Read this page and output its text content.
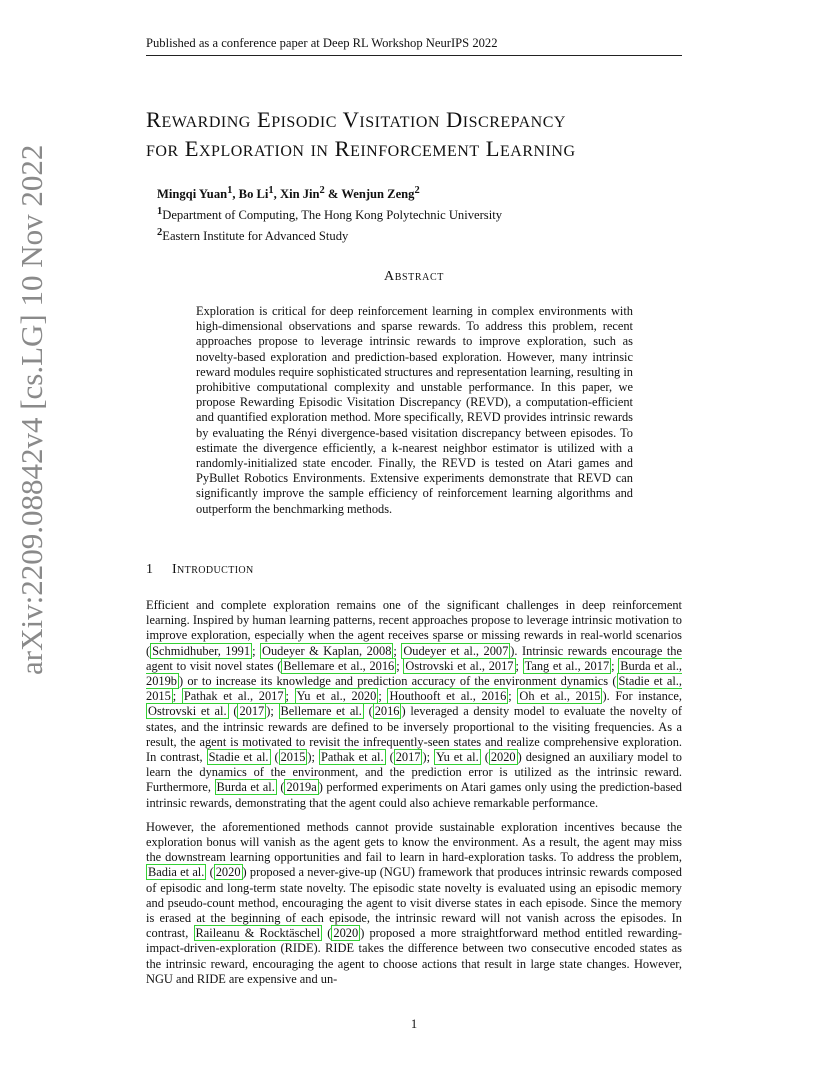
Published as a conference paper at Deep RL Workshop NeurIPS 2022
arXiv:2209.08842v4 [cs.LG] 10 Nov 2022
Rewarding Episodic Visitation Discrepancy
for Exploration in Reinforcement Learning
Mingqi Yuan$^1$, Bo Li$^1$, Xin Jin$^2$ & Wenjun Zeng$^2$
$^1$Department of Computing, The Hong Kong Polytechnic University
$^2$Eastern Institute for Advanced Study
Abstract
Exploration is critical for deep reinforcement learning in complex environments with high-dimensional observations and sparse rewards. To address this problem, recent approaches propose to leverage intrinsic rewards to improve exploration, such as novelty-based exploration and prediction-based exploration. However, many intrinsic reward modules require sophisticated structures and representation learning, resulting in prohibitive computational complexity and unstable performance. In this paper, we propose Rewarding Episodic Visitation Discrepancy (REVD), a computation-efficient and quantified exploration method. More specifically, REVD provides intrinsic rewards by evaluating the Rényi divergence-based visitation discrepancy between episodes. To estimate the divergence efficiently, a k-nearest neighbor estimator is utilized with a randomly-initialized state encoder. Finally, the REVD is tested on Atari games and PyBullet Robotics Environments. Extensive experiments demonstrate that REVD can significantly improve the sample efficiency of reinforcement learning algorithms and outperform the benchmarking methods.
1 Introduction

Efficient and complete exploration remains one of the significant challenges in deep reinforcement learning. Inspired by human learning patterns, recent approaches propose to leverage intrinsic motivation to improve exploration, especially when the agent receives sparse or missing rewards in real-world scenarios ( Schmidhuber, 1991 ; Oudeyer & Kaplan, 2008 ; Oudeyer et al., 2007 ). Intrinsic rewards encourage the agent to visit novel states ( Bellemare et al., 2016 ; Ostrovski et al., 2017 ; Tang et al., 2017 ; Burda et al., 2019b ) or to increase its knowledge and prediction accuracy of the environment dynamics ( Stadie et al., 2015 ; Pathak et al., 2017 ; Yu et al., 2020 ; Houthooft et al., 2016 ; Oh et al., 2015 ). For instance, Ostrovski et al. ( 2017 ); Bellemare et al. ( 2016 ) leveraged a density model to evaluate the novelty of states, and the intrinsic rewards are defined to be inversely proportional to the visiting frequencies. As a result, the agent is motivated to revisit the infrequently-seen states and realize comprehensive exploration. In contrast, Stadie et al. ( 2015 ); Pathak et al. ( 2017 ); Yu et al. ( 2020 ) designed an auxiliary model to learn the dynamics of the environment, and the prediction error is utilized as the intrinsic reward. Furthermore, Burda et al. ( 2019a ) performed experiments on Atari games only using the prediction-based intrinsic rewards, demonstrating that the agent could also achieve remarkable performance.

However, the aforementioned methods cannot provide sustainable exploration incentives because the exploration bonus will vanish as the agent gets to know the environment. As a result, the agent may miss the downstream learning opportunities and fail to learn in hard-exploration tasks. To address the problem, Badia et al. ( 2020 ) proposed a never-give-up (NGU) framework that produces intrinsic rewards composed of episodic and long-term state novelty. The episodic state novelty is evaluated using an episodic memory and pseudo-count method, encouraging the agent to visit diverse states in each episode. Since the memory is erased at the beginning of each episode, the intrinsic reward will not vanish across the episodes. In contrast, Raileanu & Rocktäschel ( 2020 ) proposed a more straightforward method entitled rewarding-impact-driven-exploration (RIDE). RIDE takes the difference between two consecutive encoded states as the intrinsic reward, encouraging the agent to choose actions that result in large state changes. However, NGU and RIDE are expensive and un-

1
